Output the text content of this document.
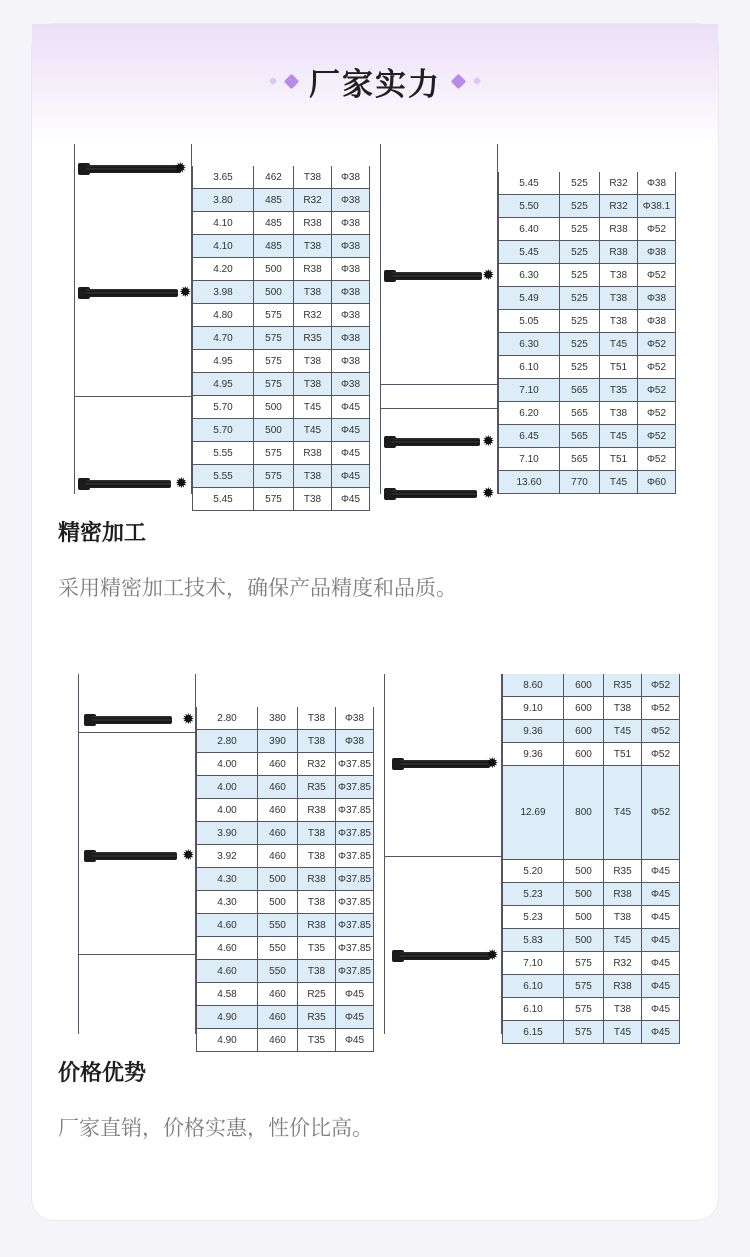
厂家实力
3.65	462	T38	Φ38
3.80	485	R32	Φ38
4.10	485	R38	Φ38
4.10	485	T38	Φ38
4.20	500	R38	Φ38
3.98	500	T38	Φ38
4.80	575	R32	Φ38
4.70	575	R35	Φ38
4.95	575	T38	Φ38
4.95	575	T38	Φ38
5.70	500	T45	Φ45
5.70	500	T45	Φ45
5.55	575	R38	Φ45
5.55	575	T38	Φ45
5.45	575	T38	Φ45
✹
✹
✹
5.45	525	R32	Φ38
5.50	525	R32	Φ38.1
6.40	525	R38	Φ52
5.45	525	R38	Φ38
6.30	525	T38	Φ52
5.49	525	T38	Φ38
5.05	525	T38	Φ38
6.30	525	T45	Φ52
6.10	525	T51	Φ52
7.10	565	T35	Φ52
6.20	565	T38	Φ52
6.45	565	T45	Φ52
7.10	565	T51	Φ52
13.60	770	T45	Φ60
✹
✹
✹
精密加工
采用精密加工技术，确保产品精度和品质。
2.80	380	T38	Φ38
2.80	390	T38	Φ38
4.00	460	R32	Φ37.85
4.00	460	R35	Φ37.85
4.00	460	R38	Φ37.85
3.90	460	T38	Φ37.85
3.92	460	T38	Φ37.85
4.30	500	R38	Φ37.85
4.30	500	T38	Φ37.85
4.60	550	R38	Φ37.85
4.60	550	T35	Φ37.85
4.60	550	T38	Φ37.85
4.58	460	R25	Φ45
4.90	460	R35	Φ45
4.90	460	T35	Φ45
✹
✹
8.60	600	R35	Φ52
9.10	600	T38	Φ52
9.36	600	T45	Φ52
9.36	600	T51	Φ52
12.69	800	T45	Φ52
5.20	500	R35	Φ45
5.23	500	R38	Φ45
5.23	500	T38	Φ45
5.83	500	T45	Φ45
7.10	575	R32	Φ45
6.10	575	R38	Φ45
6.10	575	T38	Φ45
6.15	575	T45	Φ45
✹
✹
价格优势
厂家直销，价格实惠，性价比高。
